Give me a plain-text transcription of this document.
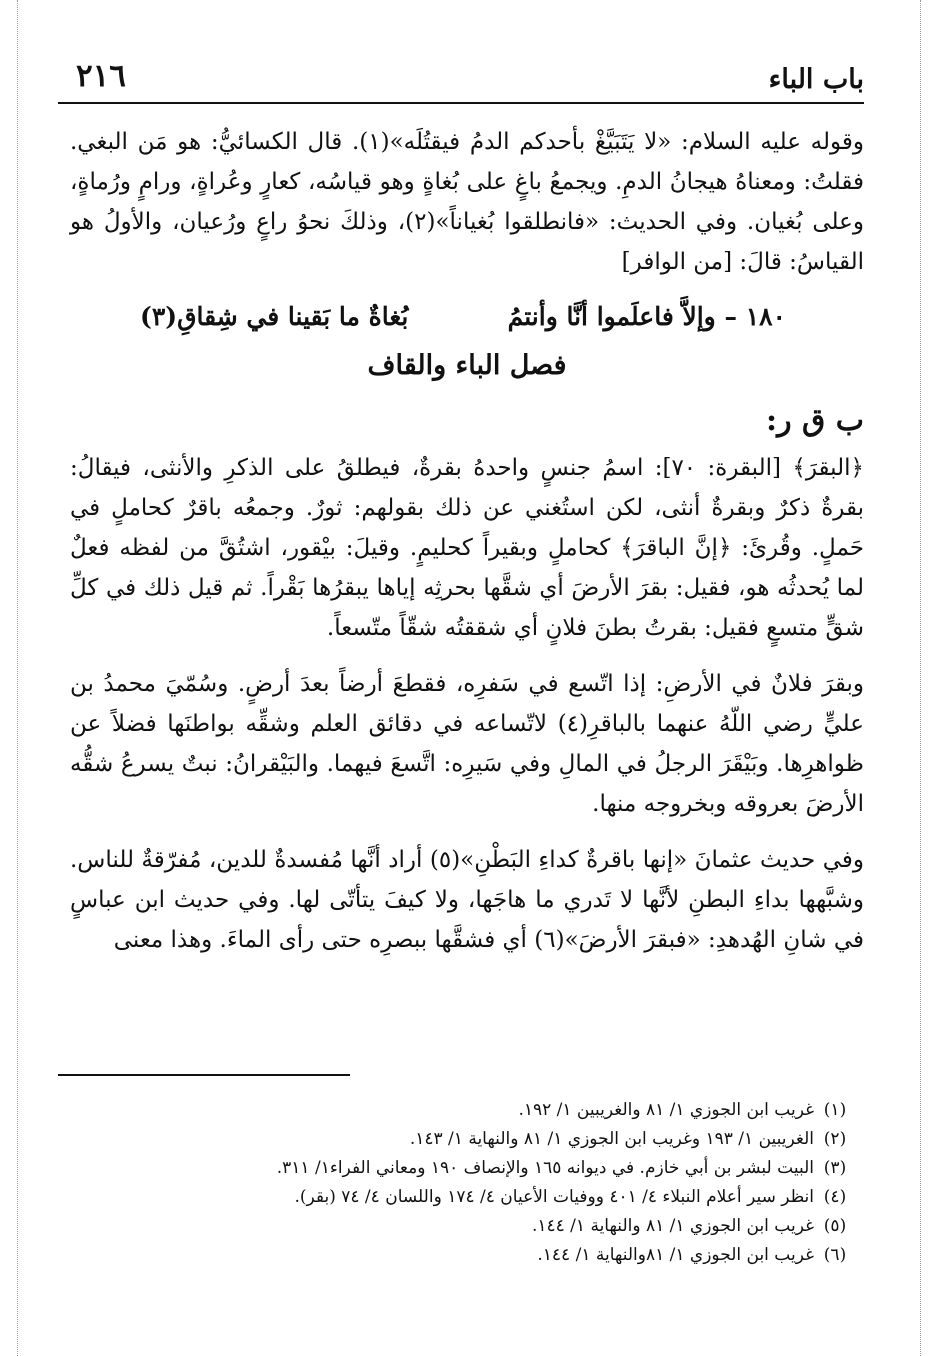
باب الباء
٢١٦

وقوله عليه السلام: «لا يَتَبَيَّغْ بأحدكم الدمُ فيقتُلَه»(١). قال الكسائيُّ: هو مَن البغي. فقلتُ: ومعناهُ هيجانُ الدمِ. ويجمعُ باغٍ على بُغاةٍ وهو قياسُه، كعارٍ وعُراةٍ، ورامٍ ورُماةٍ، وعلى بُغيان. وفي الحديث: «فانطلقوا بُغياناً»(٢)، وذلكَ نحوُ راعٍ ورُعيان، والأولُ هو القياسُ: قالَ: [من الوافر]

١٨٠ – وإلاَّ فاعلَموا أنَّا وأنتمُ
بُغاةٌ ما بَقينا في شِقاقِ(٣)
فصل الباء والقاف
ب ق ر:

﴿البقرَ﴾ [البقرة: ٧٠]: اسمُ جنسٍ واحدهُ بقرةٌ، فيطلقُ على الذكرِ والأنثى، فيقالُ: بقرةٌ ذكرٌ وبقرةٌ أنثى، لكن استُغني عن ذلك بقولهم: ثورٌ. وجمعُه باقرٌ كحاملٍ في حَملٍ. وقُرئَ: ﴿إنَّ الباقرَ﴾ كحاملٍ وبقيراً كحليمٍ. وقيلَ: بيْقور، اشتُقَّ من لفظه فعلٌ لما يُحدثُه هو، فقيل: بقرَ الأرضَ أي شقَّها بحرثِه إياها يبقرُها بَقْراً. ثم قيل ذلك في كلِّ شقٍّ متسعٍ فقيل: بقرتُ بطنَ فلانٍ أي شققتُه شقّاً متّسعاً.

وبقرَ فلانٌ في الأرضِ: إذا اتّسع في سَفرِه، فقطعَ أرضاً بعدَ أرضٍ. وسُمّيَ محمدُ بن عليٍّ رضي اللّهُ عنهما بالباقرِ(٤) لاتّساعه في دقائق العلم وشقِّه بواطنَها فضلاً عن ظواهرِها. وبَيْقَرَ الرجلُ في المالِ وفي سَيرِه: اتَّسعَ فيهما. والبَيْقرانُ: نبتٌ يسرعُ شقُّه الأرضَ بعروقه وبخروجه منها.

وفي حديث عثمانَ «إنها باقرةٌ كداءِ البَطْنِ»(٥) أراد أنَّها مُفسدةٌ للدين، مُفرّقةٌ للناس. وشبَّهها بداءِ البطنِ لأنَّها لا تَدري ما هاجَها، ولا كيفَ يتأتّى لها. وفي حديث ابن عباسٍ في شانِ الهُدهدِ: «فبقرَ الأرضَ»(٦) أي فشقَّها ببصرِه حتى رأى الماءَ. وهذا معنى

(١)
غريب ابن الجوزي ١/ ٨١ والغريبين ١/ ١٩٢.
(٢)
الغريبين ١/ ١٩٣ وغريب ابن الجوزي ١/ ٨١ والنهاية ١/ ١٤٣.
(٣)
البيت لبشر بن أبي خازم. في ديوانه ١٦٥ والإنصاف ١٩٠ ومعاني الفراء١/ ٣١١.
(٤)
انظر سير أعلام النبلاء ٤/ ٤٠١ ووفيات الأعيان ٤/ ١٧٤ واللسان ٤/ ٧٤ (بقر).
(٥)
غريب ابن الجوزي ١/ ٨١ والنهاية ١/ ١٤٤.
(٦)
غريب ابن الجوزي ١/ ٨١والنهاية ١/ ١٤٤.
